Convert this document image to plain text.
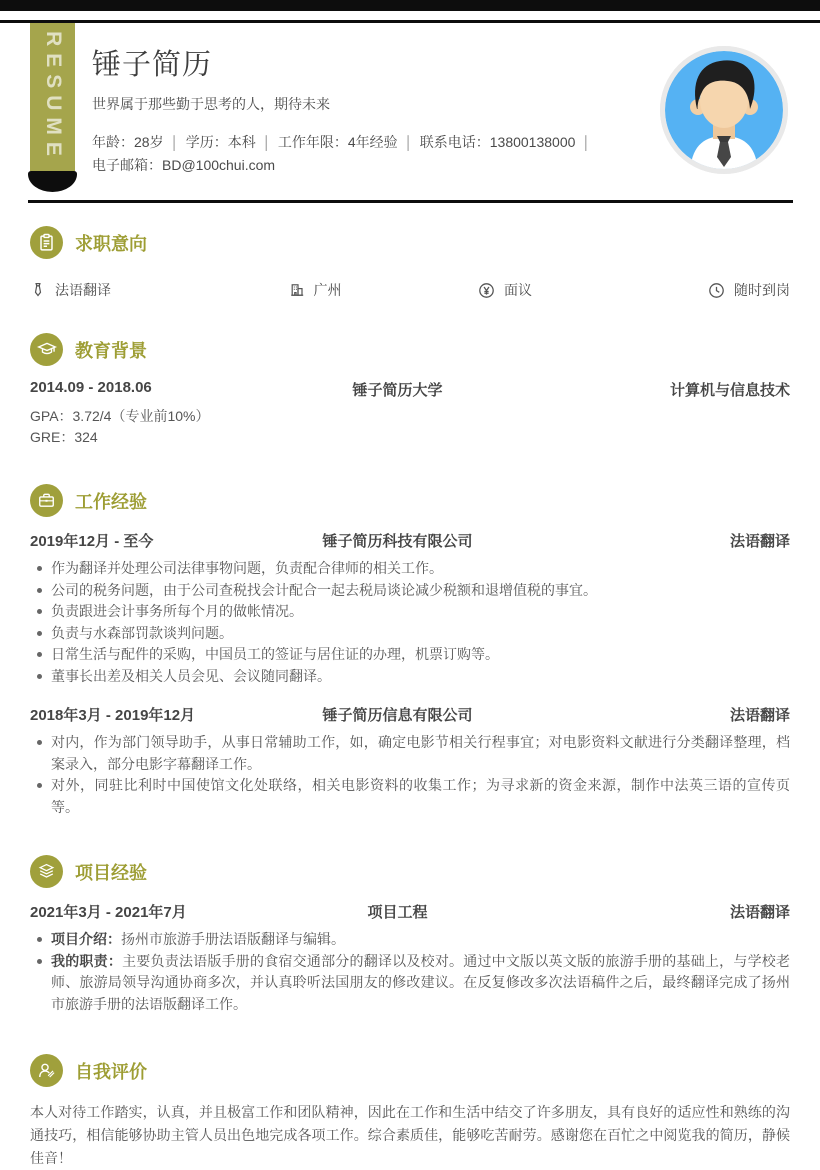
RESUME 锤子简历
世界属于那些勤于思考的人，期待未来
年龄：28岁 │ 学历：本科 │ 工作年限：4年经验 │ 联系电话：13800138000 │
电子邮箱：BD@100chui.com
求职意向
法语翻译	广州	面议	随时到岗
教育背景
2014.09 - 2018.06	锤子简历大学	计算机与信息技术
GPA：3.72/4（专业前10%）
GRE：324
工作经验
2019年12月 - 至今	锤子简历科技有限公司	法语翻译
作为翻译并处理公司法律事物问题，负责配合律师的相关工作。
公司的税务问题，由于公司查税找会计配合一起去税局谈论减少税额和退增值税的事宜。
负责跟进会计事务所每个月的做帐情况。
负责与水森部罚款谈判问题。
日常生活与配件的采购，中国员工的签证与居住证的办理，机票订购等。
董事长出差及相关人员会见、会议随同翻译。
2018年3月 - 2019年12月	锤子简历信息有限公司	法语翻译
对内，作为部门领导助手，从事日常辅助工作，如，确定电影节相关行程事宜；对电影资料文献进行分类翻译整理，档案录入，部分电影字幕翻译工作。
对外，同驻比利时中国使馆文化处联络，相关电影资料的收集工作；为寻求新的资金来源，制作中法英三语的宣传页等。
项目经验
2021年3月 - 2021年7月	项目工程	法语翻译
项目介绍：扬州市旅游手册法语版翻译与编辑。
我的职责：主要负责法语版手册的食宿交通部分的翻译以及校对。通过中文版以英文版的旅游手册的基础上，与学校老师、旅游局领导沟通协商多次，并认真聆听法国朋友的修改建议。在反复修改多次法语稿件之后，最终翻译完成了扬州市旅游手册的法语版翻译工作。
自我评价
本人对待工作踏实，认真，并且极富工作和团队精神，因此在工作和生活中结交了许多朋友，具有良好的适应性和熟练的沟通技巧，相信能够协助主管人员出色地完成各项工作。综合素质佳，能够吃苦耐劳。感谢您在百忙之中阅览我的简历，静候佳音！
